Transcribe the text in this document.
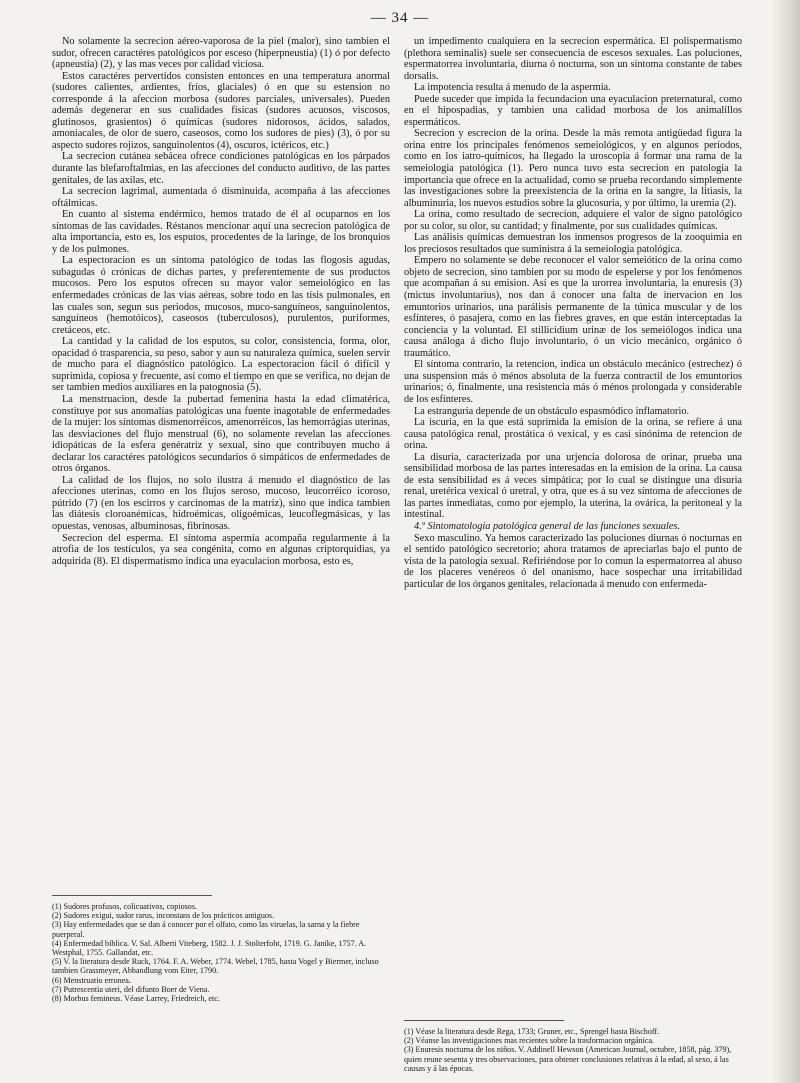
— 34 —

No solamente la secrecion aéreo-vaporosa de la piel (malor), sino tambien el sudor, ofrecen caractéres patológicos por esceso (hiperpneustia) (1) ó por defecto (apneustia) (2), y las mas veces por calidad viciosa.

Estos caractéres pervertidos consisten entonces en una temperatura anormal (sudores calientes, ardientes, fríos, glaciales) ó en que su estension no corresponde á la afeccion morbosa (sudores parciales, universales). Pueden además degenerar en sus cualidades físicas (sudores acuosos, viscosos, glutinosos, grasientos) ó químicas (sudores nidorosos, ácidos, salados, amoniacales, de olor de suero, caseosos, como los sudores de pies) (3), ó por su aspecto sudores rojizos, sanguinolentos (4), oscuros, ictéricos, etc.)

La secrecion cutánea sebácea ofrece condiciones patológicas en los párpados durante las blefaroftalmias, en las afecciones del conducto auditivo, de las partes genitales, de las axilas, etc.

La secrecion lagrimal, aumentada ó disminuida, acompaña á las afecciones oftálmicas.

En cuanto al sistema endérmico, hemos tratado de él al ocuparnos en los síntomas de las cavidades. Réstanos mencionar aquí una secrecion patológica de alta importancia, esto es, los esputos, procedentes de la laringe, de los bronquios y de los pulmones.

La espectoracion es un síntoma patológico de todas las flogosis agudas, subagudas ó crónicas de dichas partes, y preferentemente de sus productos mucosos. Pero los esputos ofrecen su mayor valor semeiológico en las enfermedades crónicas de las vias aéreas, sobre todo en las tísis pulmonales, en las cuales son, segun sus periodos, mucosos, muco-sanguíneos, sanguinolentos, sanguíneos (hemotóicos), caseosos (tuberculosos), purulentos, puriformes, cretáceos, etc.

La cantidad y la calidad de los esputos, su color, consistencia, forma, olor, opacidad ó trasparencia, su peso, sabor y aun su naturaleza química, suelen servir de mucho para el diagnóstico patológico. La espectoracion fácil ó difícil y suprimida, copiosa y frecuente, así como el tiempo en que se verifica, no dejan de ser tambien medios auxiliares en la patognosia (5).

La menstruacion, desde la pubertad femenina hasta la edad climatérica, constituye por sus anomalías patológicas una fuente inagotable de enfermedades de la mujer: los síntomas dismenorréicos, amenorréicos, las hemorrágias uterinas, las desviaciones del flujo menstrual (6), no solamente revelan las afecciones idiopáticas de la esfera genératriz y sexual, sino que contribuyen mucho á declarar los caractéres patológicos secundarios ó simpáticos de enfermedades de otros órganos.

La calidad de los flujos, no solo ilustra á menudo el diagnóstico de las afecciones uterinas, como en los flujos seroso, mucoso, leucorréico icoroso, pútrido (7) (en los escirros y carcinomas de la matriz), sino que indica tambien las diátesis cloroanémicas, hidroémicas, oligoémicas, leucoflegmásicas, y las opuestas, venosas, albuminosas, fibrinosas.

Secrecion del esperma. El síntoma aspermia acompaña regularmente á la atrofia de los testículos, ya sea congénita, como en algunas críptorquidias, ya adquirida (8). El dispermatismo indica una eyaculacion morbosa, esto es,

(1) Sudores profusos, colicuativos, copiosos.

(2) Sudores exigui, sudor rarus, inconstans de los prácticos antiguos.

(3) Hay enfermedades que se dan á conocer por el olfato, como las viruelas, la sarna y la fiebre puerperal.

(4) Enfermedad bíblica. V. Sal. Alberti Viteberg, 1582. J. J. Stolterfoht, 1719. G. Janike, 1757. A. Westphal, 1755. Gallandat, etc.

(5) V. la literatura desde Ruck, 1764. F. A. Weber, 1774. Webel, 1785, hasta Vogel y Biermer, incluso tambien Grassmeyer, Abhandlung vom Eiter, 1790.

(6) Menstruatio erronea.

(7) Putrescentia uteri, del difunto Boer de Viena.

(8) Morbus femineus. Véase Larrey, Friedreich, etc.

un impedimento cualquiera en la secrecion espermática. El polispermatismo (plethora seminalis) suele ser consecuencia de escesos sexuales. Las poluciones, espermatorrea involuntaria, diurna ó nocturna, son un síntoma constante de tabes dorsalis.

La impotencia resulta á menudo de la aspermia.

Puede suceder que impida la fecundacion una eyaculacion preternatural, como en el hipospadias, y tambien una calidad morbosa de los animalillos espermáticos.

Secrecion y escrecion de la orina. Desde la más remota antigüedad figura la orina entre los principales fenómenos semeiológicos, y en algunos períodos, como en los iatro-químicos, ha llegado la uroscopia á formar una rama de la semeiologia patológica (1). Pero nunca tuvo esta secrecion en patologia la importancia que ofrece en la actualidad, como se prueba recordando simplemente las investigaciones sobre la preexistencia de la orina en la sangre, la litiasis, la albuminuria, los nuevos estudios sobre la glucosuria, y por último, la uremia (2).

La orina, como resultado de secrecion, adquiere el valor de signo patológico por su color, su olor, su cantidad; y finalmente, por sus cualidades químicas.

Las análisis químicas demuestran los inmensos progresos de la zooquimia en los preciosos resultados que suministra á la semeiologia patológica.

Empero no solamente se debe reconocer el valor semeiótico de la orina como objeto de secrecion, sino tambien por su modo de espelerse y por los fenómenos que acompañan á su emision. Así es que la urorrea involuntaria, la enuresis (3) (mictus involuntarius), nos dan á conocer una falta de inervacion en los emuntorios urinarios, una parálisis permanente de la túnica muscular y de los esfínteres, ó pasajera, como en las fiebres graves, en que están interceptadas la conciencia y la voluntad. El stillicidium urinæ de los semeiólogos indica una causa análoga á dicho flujo involuntario, ó un vicio mecánico, orgánico ó traumático.

El síntoma contrario, la retencion, indica un obstáculo mecánico (estrechez) ó una suspension más ó ménos absoluta de la fuerza contractil de los emuntorios urinarios; ó, finalmente, una resistencia más ó ménos prolongada y considerable de los esfínteres.

La estranguria depende de un obstáculo espasmódico inflamatorio.

La iscuria, en la que está suprimida la emision de la orina, se refiere á una causa patológica renal, prostática ó vexical, y es casi sinónima de retencion de orina.

La disuria, caracterizada por una urjencia dolorosa de orinar, prueba una sensibilidad morbosa de las partes interesadas en la emision de la orina. La causa de esta sensibilidad es á veces simpática; por lo cual se distingue una disuria renal, uretérica vexical ó uretral, y otra, que es á su vez síntoma de afecciones de las partes inmediatas, como por ejemplo, la uterina, la ovárica, la peritoneal y la intestinal.

4.º Sintomatologia patológica general de las funciones sexuales.

Sexo masculino. Ya hemos caracterizado las poluciones diurnas ó nocturnas en el sentido patológico secretorio; ahora tratamos de apreciarlas bajo el punto de vista de la patologia sexual. Refiriéndose por lo comun la espermatorrea al abuso de los placeres venéreos ó del onanismo, hace sospechar una irritabilidad particular de los órganos genitales, relacionada á menudo con enfermeda-

(1) Véase la literatura desde Rega, 1733; Gruner, etc., Sprengel hasta Bischoff.

(2) Véanse las investigaciones mas recientes sobre la trasformacion orgánica.

(3) Enuresis nocturna de los niños. V. Addinell Hewson (American Journal, octubre, 1858, pág. 379), quien reune sesenta y tres observaciones, para obtener conclusiones relativas á la edad, al sexo, á las causas y á las épocas.
